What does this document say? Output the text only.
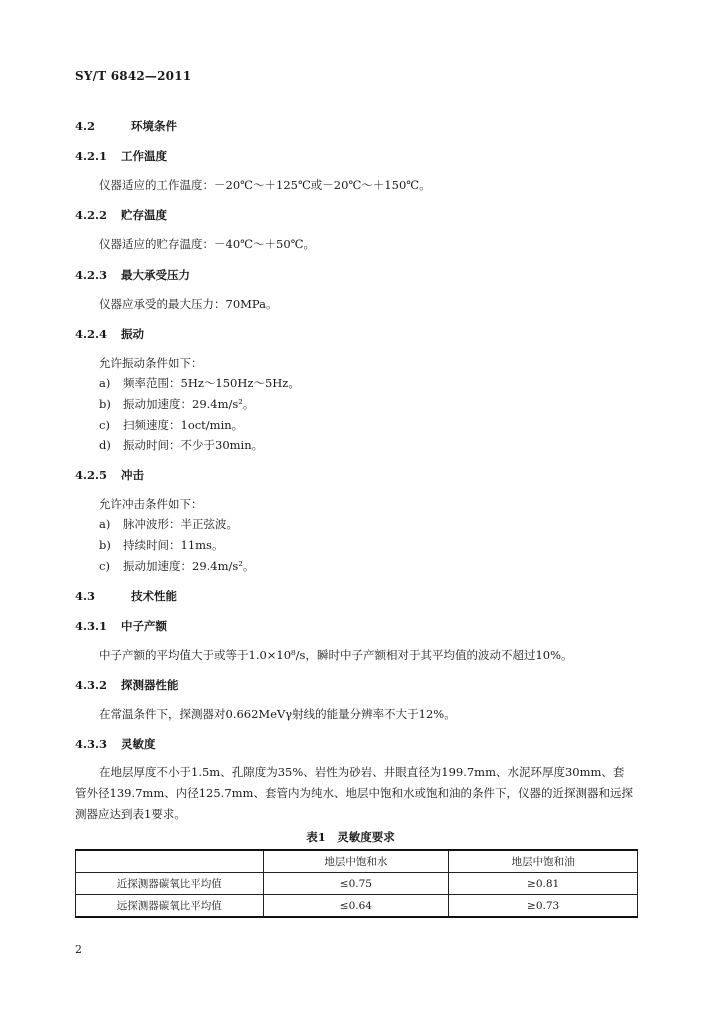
SY/T 6842—2011
4.2	环境条件
4.2.1 工作温度
仪器适应的工作温度：－20℃～＋125℃或－20℃～＋150℃。
4.2.2 贮存温度
仪器适应的贮存温度：－40℃～＋50℃。
4.2.3 最大承受压力
仪器应承受的最大压力：70MPa。
4.2.4 振动
允许振动条件如下：
a) 频率范围：5Hz～150Hz～5Hz。
b) 振动加速度：29.4m/s²。
c) 扫频速度：1oct/min。
d) 振动时间：不少于30min。
4.2.5 冲击
允许冲击条件如下：
a) 脉冲波形：半正弦波。
b) 持续时间：11ms。
c) 振动加速度：29.4m/s²。
4.3	技术性能
4.3.1 中子产额
中子产额的平均值大于或等于1.0×10⁸/s，瞬时中子产额相对于其平均值的波动不超过10%。
4.3.2 探测器性能
在常温条件下，探测器对0.662MeVγ射线的能量分辨率不大于12%。
4.3.3 灵敏度
在地层厚度不小于1.5m、孔隙度为35%、岩性为砂岩、井眼直径为199.7mm、水泥环厚度30mm、套管外径139.7mm、内径125.7mm、套管内为纯水、地层中饱和水或饱和油的条件下，仪器的近探测器和远探测器应达到表1要求。
表1　灵敏度要求
	地层中饱和水	地层中饱和油
近探测器碳氧比平均值	≤0.75	≥0.81
远探测器碳氧比平均值	≤0.64	≥0.73
2
